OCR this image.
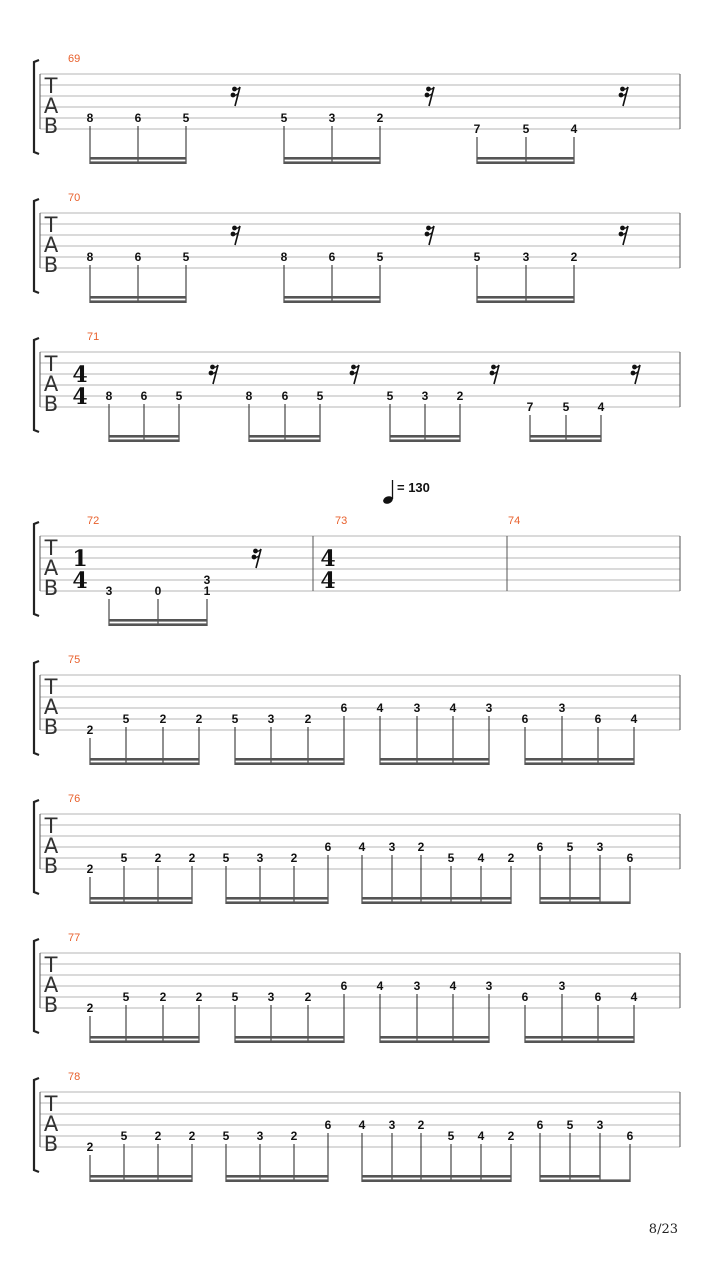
T
A
B
69
8	6	5	5	3	2
7	5	4
T
A
B
70
8	6	5	8	6	5	5	3	2
T
A
B
71
4
4 8 6 5	8 6 5	5 3 2
7 5 4
T
A
B
72
1
4 3	0
3
1
73
4
4
74
T
A
B
75
2
5	2 2 5 3	2
6 4	3 4 3
6
3
6 4
T
A
B
76
2
5 2 2 5 3 2
6 4 3 2
5 4 2
6 5 3
6
T
A
B
77
2
5	2 2 5 3	2
6 4	3 4 3
6
3
6 4
T
A
B
78
2
5 2 2 5 3 2
6 4 3 2
5 4 2
6 5 3
6
= 130
8/23
